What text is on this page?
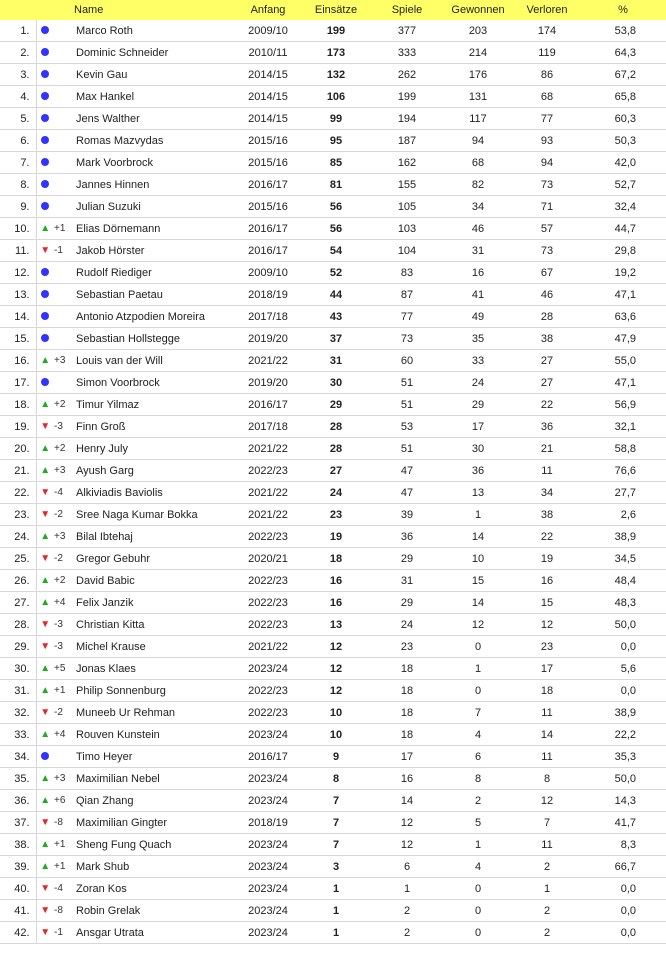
			Name	Anfang	Einsätze	Spiele	Gewonnen	Verloren	%
1.			Marco Roth	2009/10	199	377	203	174	53,8
2.			Dominic Schneider	2010/11	173	333	214	119	64,3
3.			Kevin Gau	2014/15	132	262	176	86	67,2
4.			Max Hankel	2014/15	106	199	131	68	65,8
5.			Jens Walther	2014/15	99	194	117	77	60,3
6.			Romas Mazvydas	2015/16	95	187	94	93	50,3
7.			Mark Voorbrock	2015/16	85	162	68	94	42,0
8.			Jannes Hinnen	2016/17	81	155	82	73	52,7
9.			Julian Suzuki	2015/16	56	105	34	71	32,4
10.	▲	+1	Elias Dörnemann	2016/17	56	103	46	57	44,7
11.	▼	-1	Jakob Hörster	2016/17	54	104	31	73	29,8
12.			Rudolf Riediger	2009/10	52	83	16	67	19,2
13.			Sebastian Paetau	2018/19	44	87	41	46	47,1
14.			Antonio Atzpodien Moreira	2017/18	43	77	49	28	63,6
15.			Sebastian Hollstegge	2019/20	37	73	35	38	47,9
16.	▲	+3	Louis van der Will	2021/22	31	60	33	27	55,0
17.			Simon Voorbrock	2019/20	30	51	24	27	47,1
18.	▲	+2	Timur Yilmaz	2016/17	29	51	29	22	56,9
19.	▼	-3	Finn Groß	2017/18	28	53	17	36	32,1
20.	▲	+2	Henry July	2021/22	28	51	30	21	58,8
21.	▲	+3	Ayush Garg	2022/23	27	47	36	11	76,6
22.	▼	-4	Alkiviadis Baviolis	2021/22	24	47	13	34	27,7
23.	▼	-2	Sree Naga Kumar Bokka	2021/22	23	39	1	38	2,6
24.	▲	+3	Bilal Ibtehaj	2022/23	19	36	14	22	38,9
25.	▼	-2	Gregor Gebuhr	2020/21	18	29	10	19	34,5
26.	▲	+2	David Babic	2022/23	16	31	15	16	48,4
27.	▲	+4	Felix Janzik	2022/23	16	29	14	15	48,3
28.	▼	-3	Christian Kitta	2022/23	13	24	12	12	50,0
29.	▼	-3	Michel Krause	2021/22	12	23	0	23	0,0
30.	▲	+5	Jonas Klaes	2023/24	12	18	1	17	5,6
31.	▲	+1	Philip Sonnenburg	2022/23	12	18	0	18	0,0
32.	▼	-2	Muneeb Ur Rehman	2022/23	10	18	7	11	38,9
33.	▲	+4	Rouven Kunstein	2023/24	10	18	4	14	22,2
34.			Timo Heyer	2016/17	9	17	6	11	35,3
35.	▲	+3	Maximilian Nebel	2023/24	8	16	8	8	50,0
36.	▲	+6	Qian Zhang	2023/24	7	14	2	12	14,3
37.	▼	-8	Maximilian Gingter	2018/19	7	12	5	7	41,7
38.	▲	+1	Sheng Fung Quach	2023/24	7	12	1	11	8,3
39.	▲	+1	Mark Shub	2023/24	3	6	4	2	66,7
40.	▼	-4	Zoran Kos	2023/24	1	1	0	1	0,0
41.	▼	-8	Robin Grelak	2023/24	1	2	0	2	0,0
42.	▼	-1	Ansgar Utrata	2023/24	1	2	0	2	0,0
